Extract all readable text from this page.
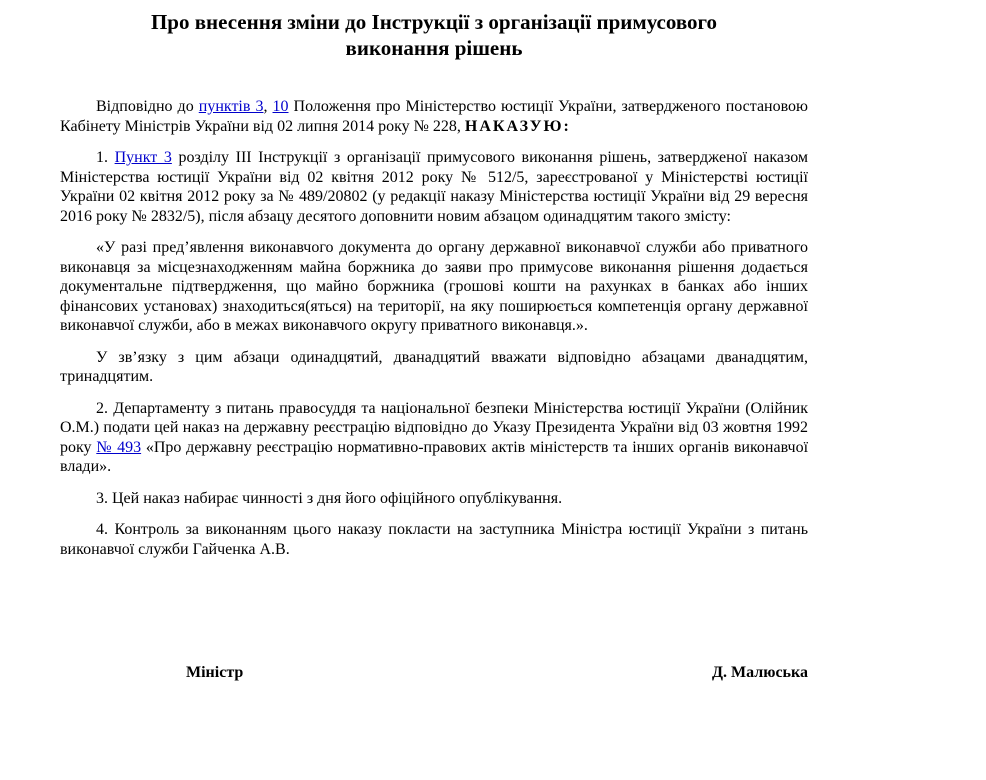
Про внесення зміни до Інструкції з організації примусового
виконання рішень

Відповідно до пунктів 3, 10 Положення про Міністерство юстиції України, затвердженого постановою Кабінету Міністрів України від 02 липня 2014 року № 228, НАКАЗУЮ:

1. Пункт 3 розділу ІІІ Інструкції з організації примусового виконання рішень, затвердженої наказом Міністерства юстиції України від 02 квітня 2012 року № 512/5, зареєстрованої у Міністерстві юстиції України 02 квітня 2012 року за № 489/20802 (у редакції наказу Міністерства юстиції України від 29 вересня 2016 року № 2832/5), після абзацу десятого доповнити новим абзацом одинадцятим такого змісту:

«У разі пред’явлення виконавчого документа до органу державної виконавчої служби або приватного виконавця за місцезнаходженням майна боржника до заяви про примусове виконання рішення додається документальне підтвердження, що майно боржника (грошові кошти на рахунках в банках або інших фінансових установах) знаходиться(яться) на території, на яку поширюється компетенція органу державної виконавчої служби, або в межах виконавчого округу приватного виконавця.».

У зв’язку з цим абзаци одинадцятий, дванадцятий вважати відповідно абзацами дванадцятим, тринадцятим.

2. Департаменту з питань правосуддя та національної безпеки Міністерства юстиції України (Олійник О.М.) подати цей наказ на державну реєстрацію відповідно до Указу Президента України від 03 жовтня 1992 року № 493 «Про державну реєстрацію нормативно-правових актів міністерств та інших органів виконавчої влади».

3. Цей наказ набирає чинності з дня його офіційного опублікування.

4. Контроль за виконанням цього наказу покласти на заступника Міністра юстиції України з питань виконавчої служби Гайченка А.В.

Міністр	Д. Малюська
